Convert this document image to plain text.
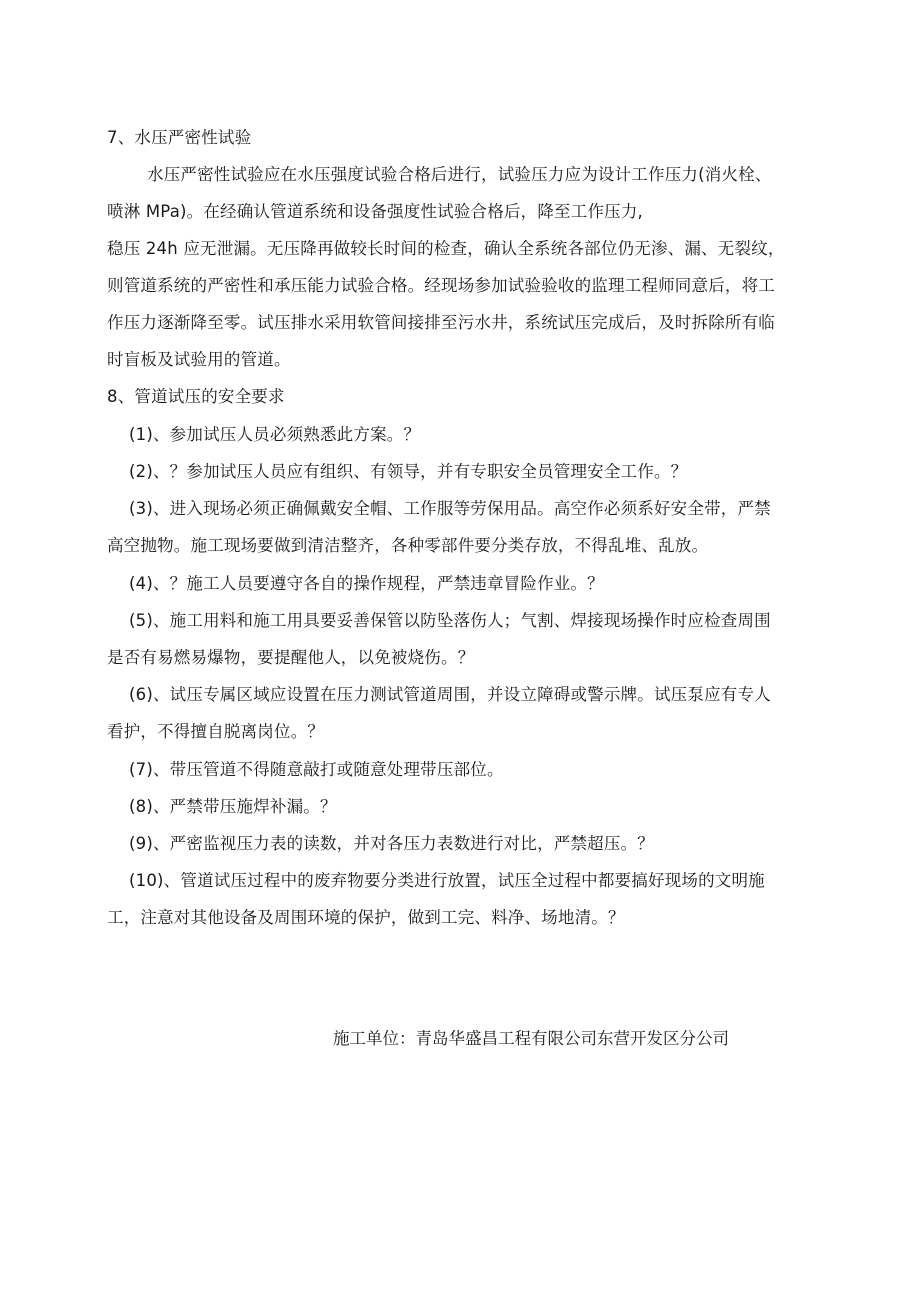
7、水压严密性试验
水压严密性试验应在水压强度试验合格后进行，试验压力应为设计工作压力(消火栓、
喷淋 MPa)。在经确认管道系统和设备强度性试验合格后，降至工作压力,
稳压 24h 应无泄漏。无压降再做较长时间的检查，确认全系统各部位仍无渗、漏、无裂纹，
则管道系统的严密性和承压能力试验合格。经现场参加试验验收的监理工程师同意后，将工
作压力逐渐降至零。试压排水采用软管间接排至污水井，系统试压完成后，及时拆除所有临
时盲板及试验用的管道。
8、管道试压的安全要求
(1)、参加试压人员必须熟悉此方案。？
(2)、？参加试压人员应有组织、有领导，并有专职安全员管理安全工作。？
(3)、进入现场必须正确佩戴安全帽、工作服等劳保用品。高空作必须系好安全带，严禁
高空抛物。施工现场要做到清洁整齐，各种零部件要分类存放，不得乱堆、乱放。
(4)、？施工人员要遵守各自的操作规程，严禁违章冒险作业。？
(5)、施工用料和施工用具要妥善保管以防坠落伤人；气割、焊接现场操作时应检查周围
是否有易燃易爆物，要提醒他人，以免被烧伤。？
(6)、试压专属区域应设置在压力测试管道周围，并设立障碍或警示牌。试压泵应有专人
看护，不得擅自脱离岗位。？
(7)、带压管道不得随意敲打或随意处理带压部位。
(8)、严禁带压施焊补漏。？
(9)、严密监视压力表的读数，并对各压力表数进行对比，严禁超压。？
(10)、管道试压过程中的废弃物要分类进行放置，试压全过程中都要搞好现场的文明施
工，注意对其他设备及周围环境的保护，做到工完、料净、场地清。？
施工单位：青岛华盛昌工程有限公司东营开发区分公司
